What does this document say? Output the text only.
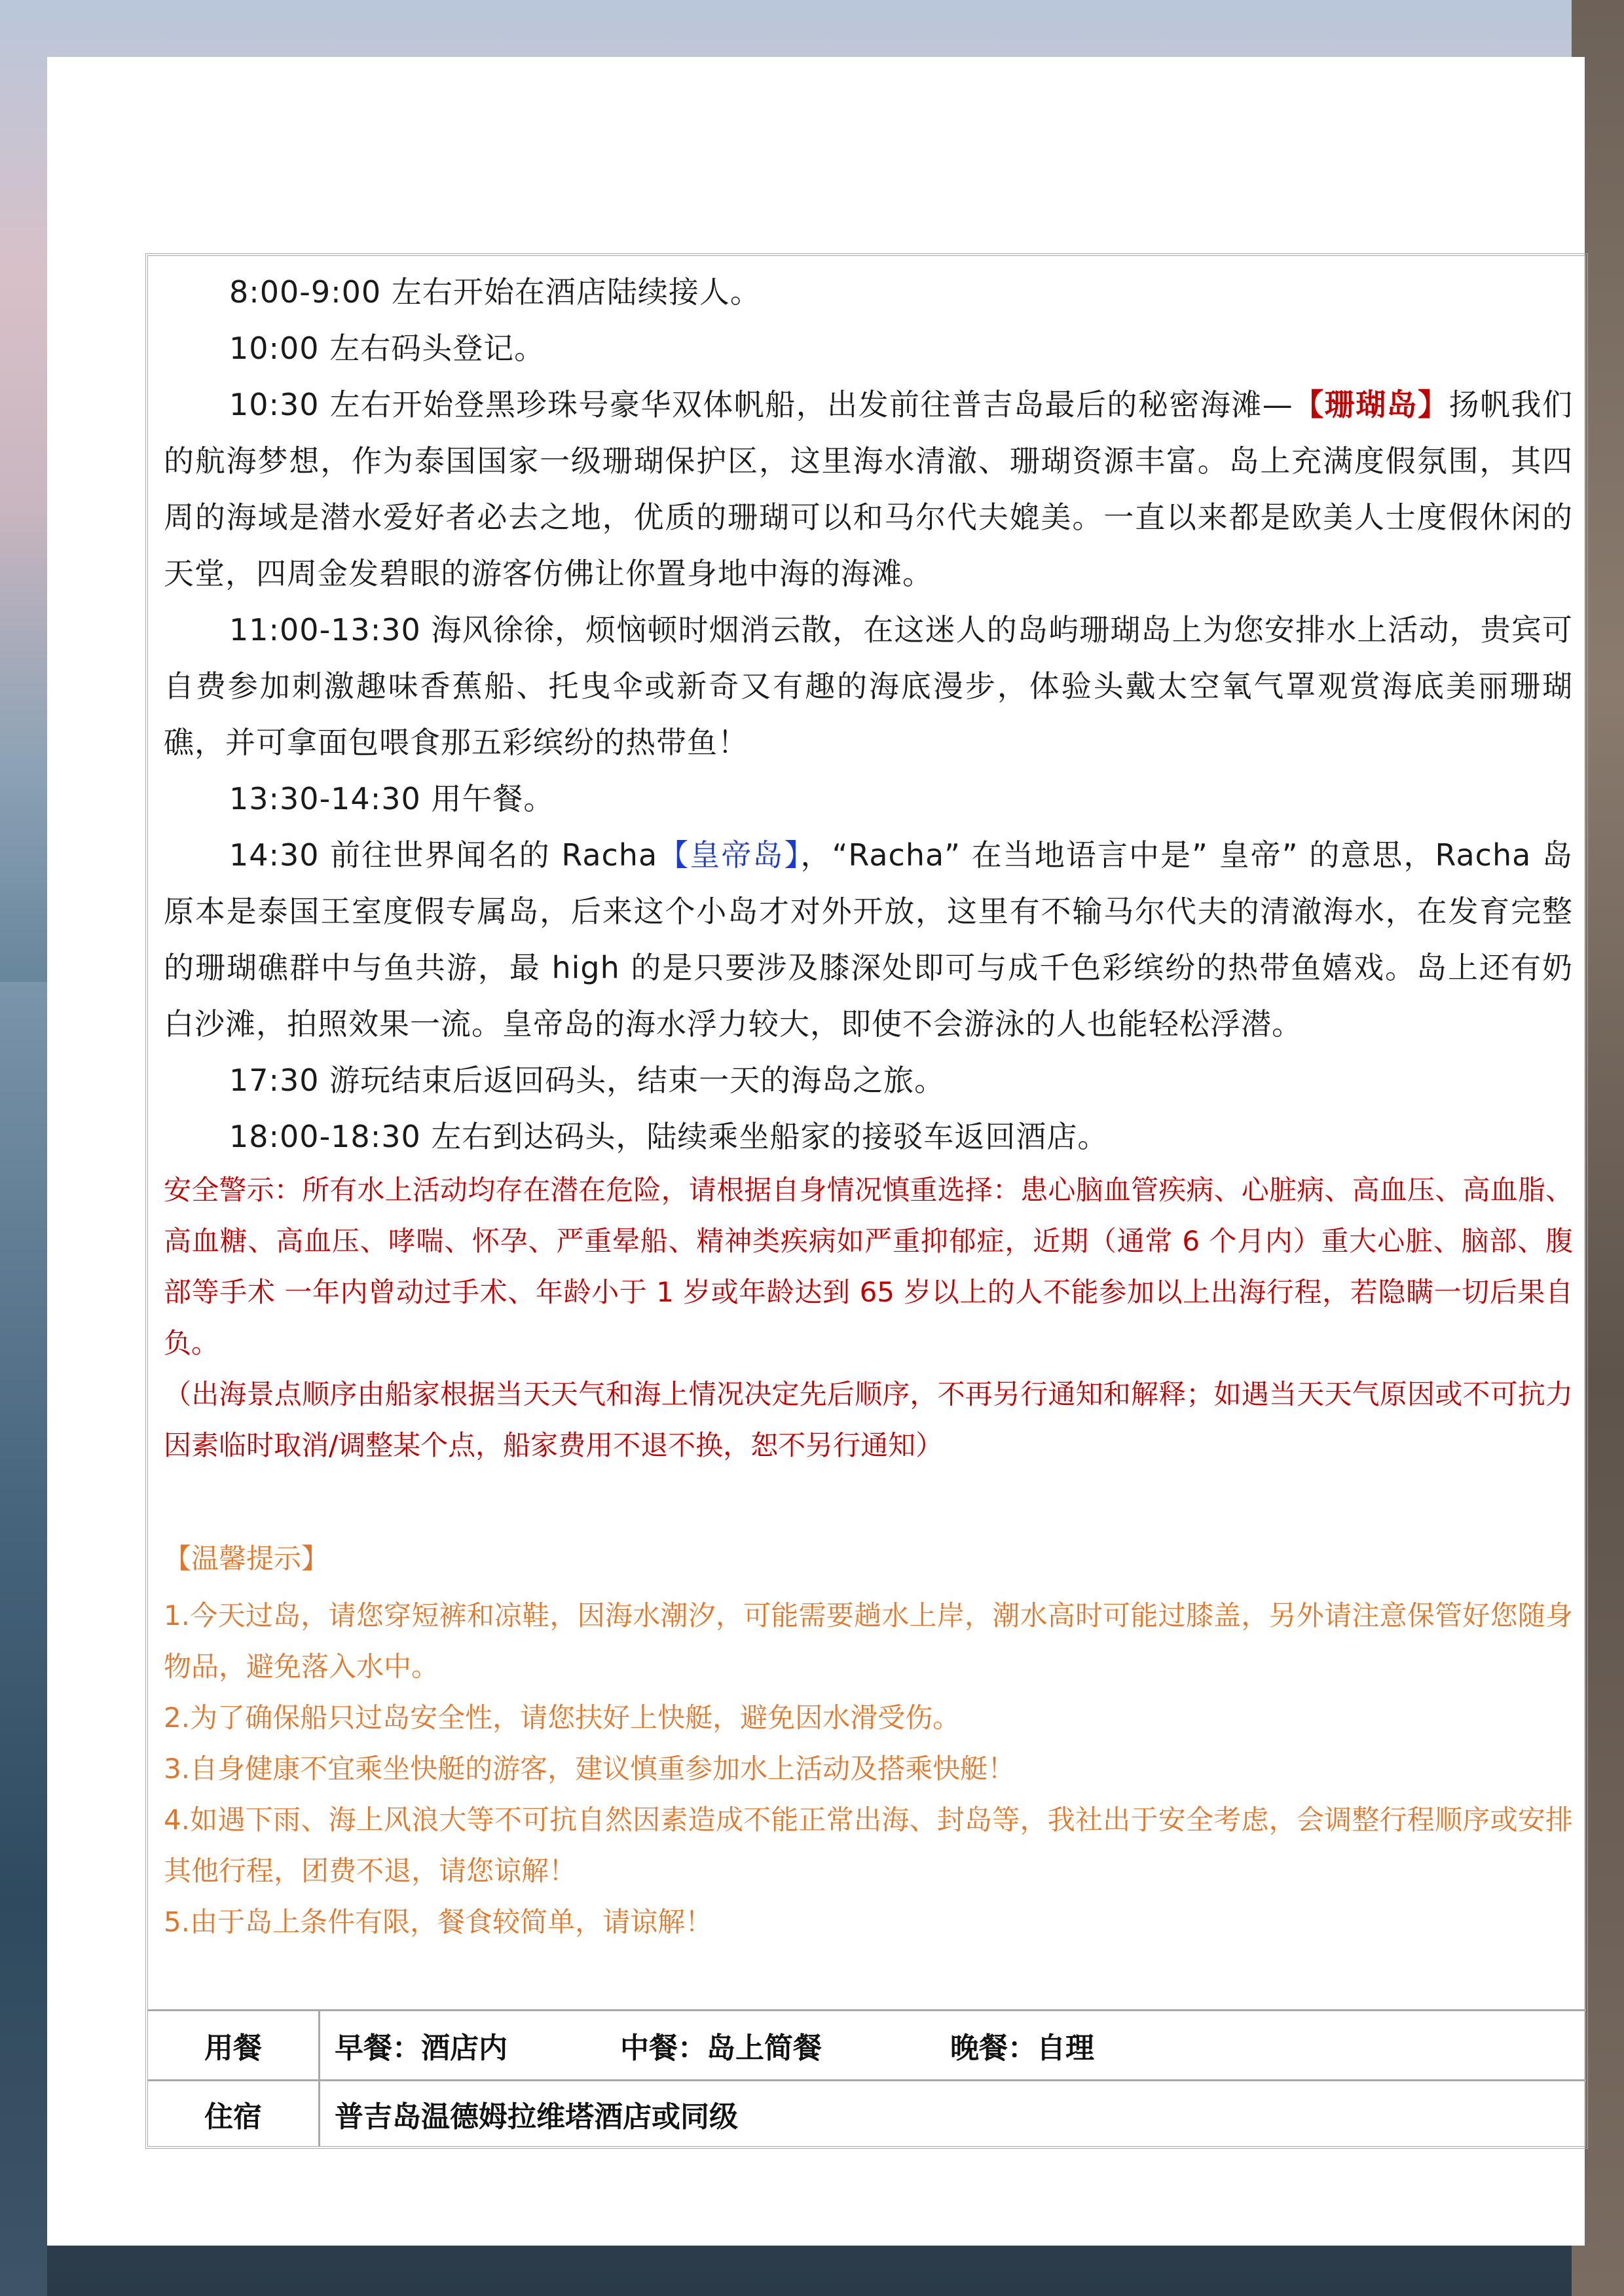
8:00-9:00 左右开始在酒店陆续接人。

10:00 左右码头登记。

10:30 左右开始登黑珍珠号豪华双体帆船，出发前往普吉岛最后的秘密海滩—【珊瑚岛】扬帆我们的航海梦想，作为泰国国家一级珊瑚保护区，这里海水清澈、珊瑚资源丰富。岛上充满度假氛围，其四周的海域是潜水爱好者必去之地，优质的珊瑚可以和马尔代夫媲美。一直以来都是欧美人士度假休闲的天堂，四周金发碧眼的游客仿佛让你置身地中海的海滩。

11:00-13:30 海风徐徐，烦恼顿时烟消云散，在这迷人的岛屿珊瑚岛上为您安排水上活动，贵宾可自费参加刺激趣味香蕉船、托曳伞或新奇又有趣的海底漫步，体验头戴太空氧气罩观赏海底美丽珊瑚礁，并可拿面包喂食那五彩缤纷的热带鱼！

13:30-14:30 用午餐。

14:30 前往世界闻名的 Racha【皇帝岛】，“Racha” 在当地语言中是” 皇帝” 的意思，Racha 岛原本是泰国王室度假专属岛，后来这个小岛才对外开放，这里有不输马尔代夫的清澈海水，在发育完整的珊瑚礁群中与鱼共游，最 high 的是只要涉及膝深处即可与成千色彩缤纷的热带鱼嬉戏。岛上还有奶白沙滩，拍照效果一流。皇帝岛的海水浮力较大，即使不会游泳的人也能轻松浮潜。

17:30 游玩结束后返回码头，结束一天的海岛之旅。

18:00-18:30 左右到达码头，陆续乘坐船家的接驳车返回酒店。

安全警示：所有水上活动均存在潜在危险，请根据自身情况慎重选择：患心脑血管疾病、心脏病、高血压、高血脂、高血糖、高血压、哮喘、怀孕、严重晕船、精神类疾病如严重抑郁症，近期（通常 6 个月内）重大心脏、脑部、腹部等手术 一年内曾动过手术、年龄小于 1 岁或年龄达到 65 岁以上的人不能参加以上出海行程，若隐瞒一切后果自负。

（出海景点顺序由船家根据当天天气和海上情况决定先后顺序，不再另行通知和解释；如遇当天天气原因或不可抗力因素临时取消/调整某个点，船家费用不退不换，恕不另行通知）

【温馨提示】

1.今天过岛，请您穿短裤和凉鞋，因海水潮汐，可能需要趟水上岸，潮水高时可能过膝盖，另外请注意保管好您随身物品，避免落入水中。

2.为了确保船只过岛安全性，请您扶好上快艇，避免因水滑受伤。

3.自身健康不宜乘坐快艇的游客，建议慎重参加水上活动及搭乘快艇！

4.如遇下雨、海上风浪大等不可抗自然因素造成不能正常出海、封岛等，我社出于安全考虑，会调整行程顺序或安排其他行程，团费不退，请您谅解！

5.由于岛上条件有限，餐食较简单，请谅解！

用餐	早餐：酒店内	中餐：岛上简餐	晚餐：自理
住宿	普吉岛温德姆拉维塔酒店或同级
